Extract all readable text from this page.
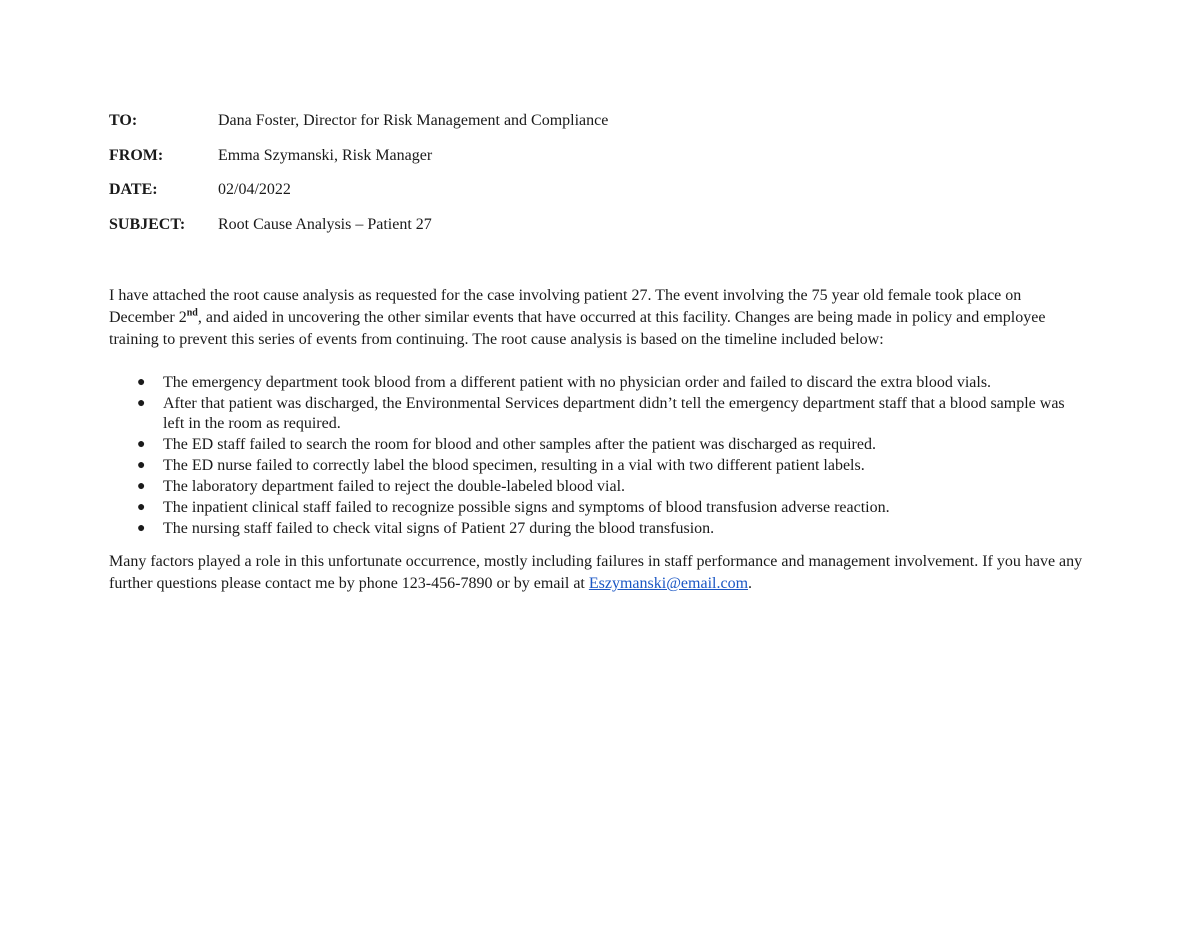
TO:	Dana Foster, Director for Risk Management and Compliance
FROM:	Emma Szymanski, Risk Manager
DATE:	02/04/2022
SUBJECT:	Root Cause Analysis – Patient 27

I have attached the root cause analysis as requested for the case involving patient 27. The event involving the 75 year old female took place on December 2nd, and aided in uncovering the other similar events that have occurred at this facility. Changes are being made in policy and employee training to prevent this series of events from continuing. The root cause analysis is based on the timeline included below:

● The emergency department took blood from a different patient with no physician order and failed to discard the extra blood vials.
● After that patient was discharged, the Environmental Services department didn’t tell the emergency department staff that a blood sample was left in the room as required.
● The ED staff failed to search the room for blood and other samples after the patient was discharged as required.
● The ED nurse failed to correctly label the blood specimen, resulting in a vial with two different patient labels.
● The laboratory department failed to reject the double-labeled blood vial.
● The inpatient clinical staff failed to recognize possible signs and symptoms of blood transfusion adverse reaction.
● The nursing staff failed to check vital signs of Patient 27 during the blood transfusion.

Many factors played a role in this unfortunate occurrence, mostly including failures in staff performance and management involvement. If you have any further questions please contact me by phone 123-456-7890 or by email at Eszymanski@email.com.
